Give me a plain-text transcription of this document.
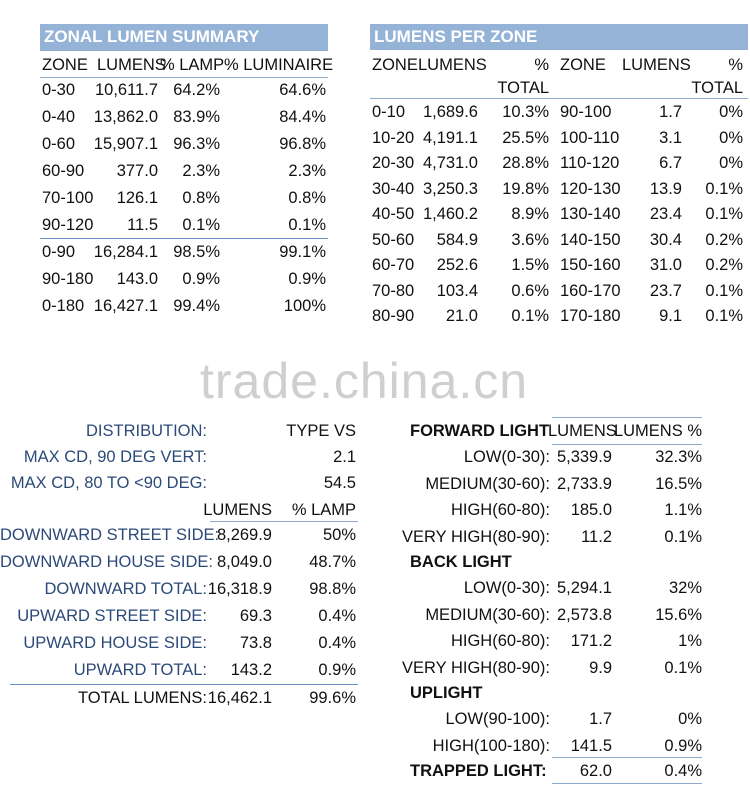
ZONAL LUMEN SUMMARY
ZONE LUMENS
% LAMP % LUMINAIRE
0-30	10,611.7 64.2%	64.6%
0-40 13,862.0 83.9%	84.4%
0-60 15,907.1 96.3%	96.8%
60-90	377.0	2.3%	2.3%
70-100	126.1	0.8%	0.8%
90-120	11.5	0.1%	0.1%
0-90 16,284.1 98.5%	99.1%
90-180	143.0	0.9%	0.9%
0-180 16,427.1 99.4%	100%
LUMENS PER ZONE
ZONE LUMENS	% ZONE LUMENS	%
TOTAL	TOTAL
0-10	1,689.6	10.3% 90-100	1.7	0%
10-20 4,191.1	25.5% 100-110	3.1	0%
20-30 4,731.0	28.8% 110-120	6.7	0%
30-40 3,250.3	19.8% 120-130	13.9	0.1%
40-50 1,460.2	8.9% 130-140	23.4	0.1%
50-60	584.9	3.6% 140-150	30.4	0.2%
60-70	252.6	1.5% 150-160	31.0	0.2%
70-80	103.4	0.6% 160-170	23.7	0.1%
80-90	21.0	0.1% 170-180	9.1	0.1%
trade.china.cn
DISTRIBUTION:	TYPE VS
MAX CD, 90 DEG VERT:	2.1
MAX CD, 80 TO <90 DEG:	54.5
LUMENS	% LAMP
DOWNWARD STREET SIDE:
8,269.9	50%
DOWNWARD HOUSE SIDE: 8,049.0	48.7%
DOWNWARD TOTAL: 16,318.9	98.8%
UPWARD STREET SIDE:	69.3	0.4%
UPWARD HOUSE SIDE:	73.8	0.4%
UPWARD TOTAL:	143.2	0.9%
TOTAL LUMENS: 16,462.1	99.6%
FORWARD LIGHT
LUMENS
LUMENS %
LOW(0-30): 5,339.9	32.3%
MEDIUM(30-60): 2,733.9	16.5%
HIGH(60-80):	185.0	1.1%
VERY HIGH(80-90):	11.2	0.1%
BACK LIGHT
LOW(0-30): 5,294.1	32%
MEDIUM(30-60): 2,573.8	15.6%
HIGH(60-80):	171.2	1%
VERY HIGH(80-90):	9.9	0.1%
UPLIGHT
LOW(90-100):	1.7	0%
HIGH(100-180):	141.5	0.9%
TRAPPED LIGHT:	62.0	0.4%
